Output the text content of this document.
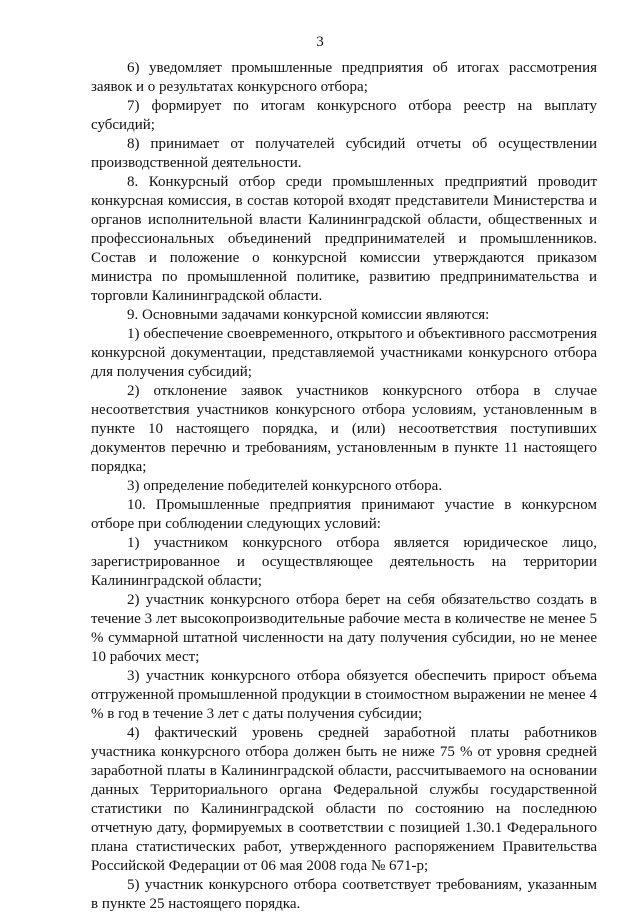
3

6) уведомляет промышленные предприятия об итогах рассмотрения заявок и о результатах конкурсного отбора;

7) формирует по итогам конкурсного отбора реестр на выплату субсидий;

8) принимает от получателей субсидий отчеты об осуществлении производственной деятельности.

8. Конкурсный отбор среди промышленных предприятий проводит конкурсная комиссия, в состав которой входят представители Министерства и органов исполнительной власти Калининградской области, общественных и профессиональных объединений предпринимателей и промышленников. Состав и положение о конкурсной комиссии утверждаются приказом министра по промышленной политике, развитию предпринимательства и торговли Калининградской области.

9. Основными задачами конкурсной комиссии являются:

1) обеспечение своевременного, открытого и объективного рассмотрения конкурсной документации, представляемой участниками конкурсного отбора для получения субсидий;

2) отклонение заявок участников конкурсного отбора в случае несоответствия участников конкурсного отбора условиям, установленным в пункте 10 настоящего порядка, и (или) несоответствия поступивших документов перечню и требованиям, установленным в пункте 11 настоящего порядка;

3) определение победителей конкурсного отбора.

10. Промышленные предприятия принимают участие в конкурсном отборе при соблюдении следующих условий:

1) участником конкурсного отбора является юридическое лицо, зарегистрированное и осуществляющее деятельность на территории Калининградской области;

2) участник конкурсного отбора берет на себя обязательство создать в течение 3 лет высокопроизводительные рабочие места в количестве не менее 5 % суммарной штатной численности на дату получения субсидии, но не менее 10 рабочих мест;

3) участник конкурсного отбора обязуется обеспечить прирост объема отгруженной промышленной продукции в стоимостном выражении не менее 4 % в год в течение 3 лет с даты получения субсидии;

4) фактический уровень средней заработной платы работников участника конкурсного отбора должен быть не ниже 75 % от уровня средней заработной платы в Калининградской области, рассчитываемого на основании данных Территориального органа Федеральной службы государственной статистики по Калининградской области по состоянию на последнюю отчетную дату, формируемых в соответствии с позицией 1.30.1 Федерального плана статистических работ, утвержденного распоряжением Правительства Российской Федерации от 06 мая 2008 года № 671-р;

5) участник конкурсного отбора соответствует требованиям, указанным в пункте 25 настоящего порядка.
